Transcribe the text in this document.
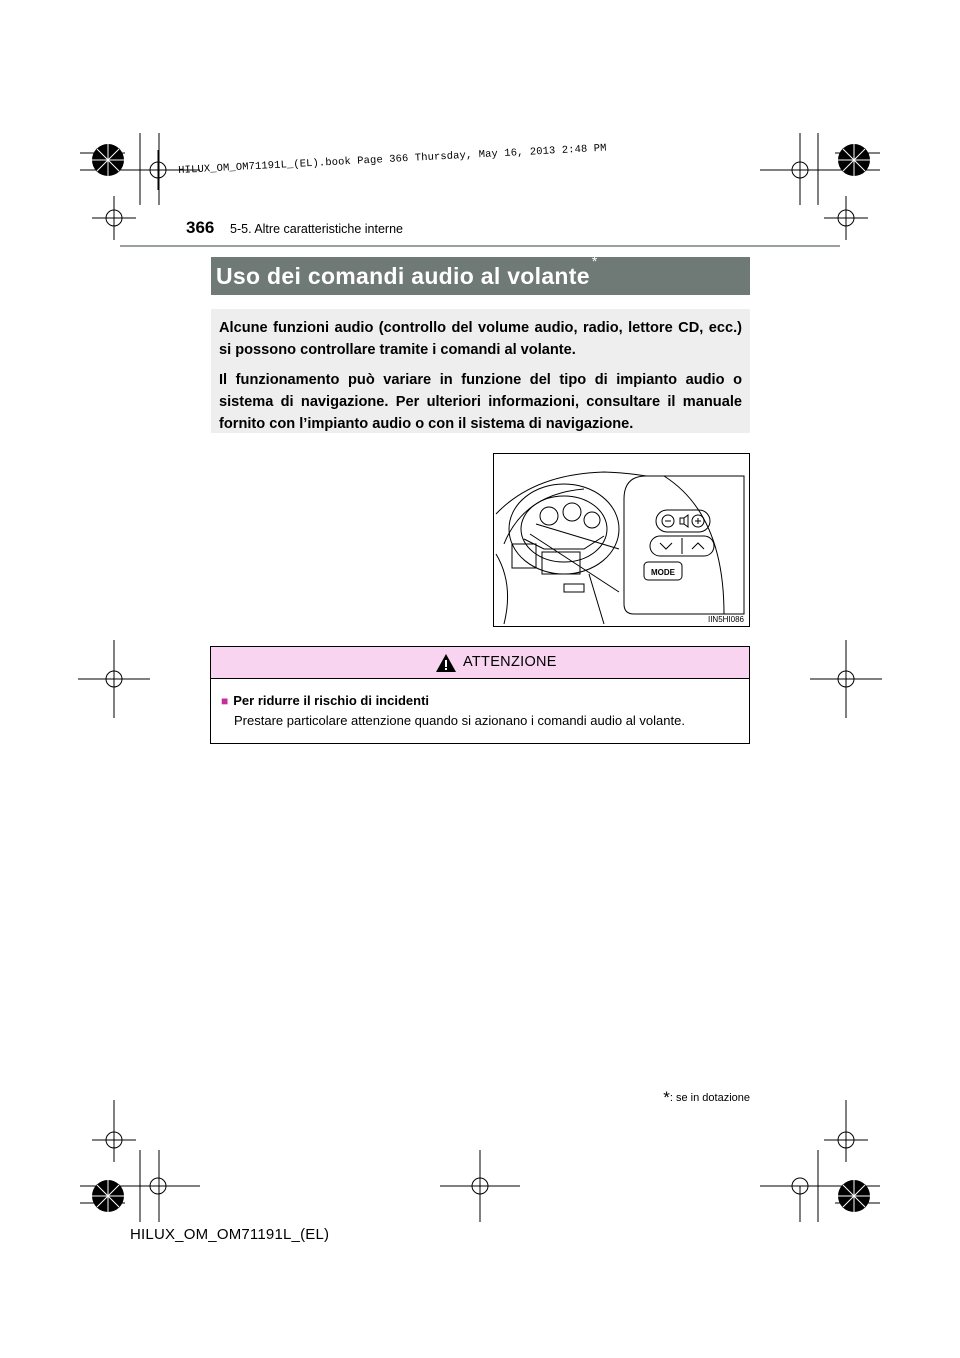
HILUX_OM_OM71191L_(EL).book Page 366 Thursday, May 16, 2013 2:48 PM
366 5-5. Altre caratteristiche interne
Uso dei comandi audio al volante*

Alcune funzioni audio (controllo del volume audio, radio, lettore CD, ecc.) si possono controllare tramite i comandi al volante.

Il funzionamento può variare in funzione del tipo di impianto audio o sistema di navigazione. Per ulteriori informazioni, consultare il manuale fornito con l’impianto audio o con il sistema di navigazione.

MODE
IIN5HI086
ATTENZIONE
■ Per ridurre il rischio di incidenti
Prestare particolare attenzione quando si azionano i comandi audio al volante.
*: se in dotazione
HILUX_OM_OM71191L_(EL)
